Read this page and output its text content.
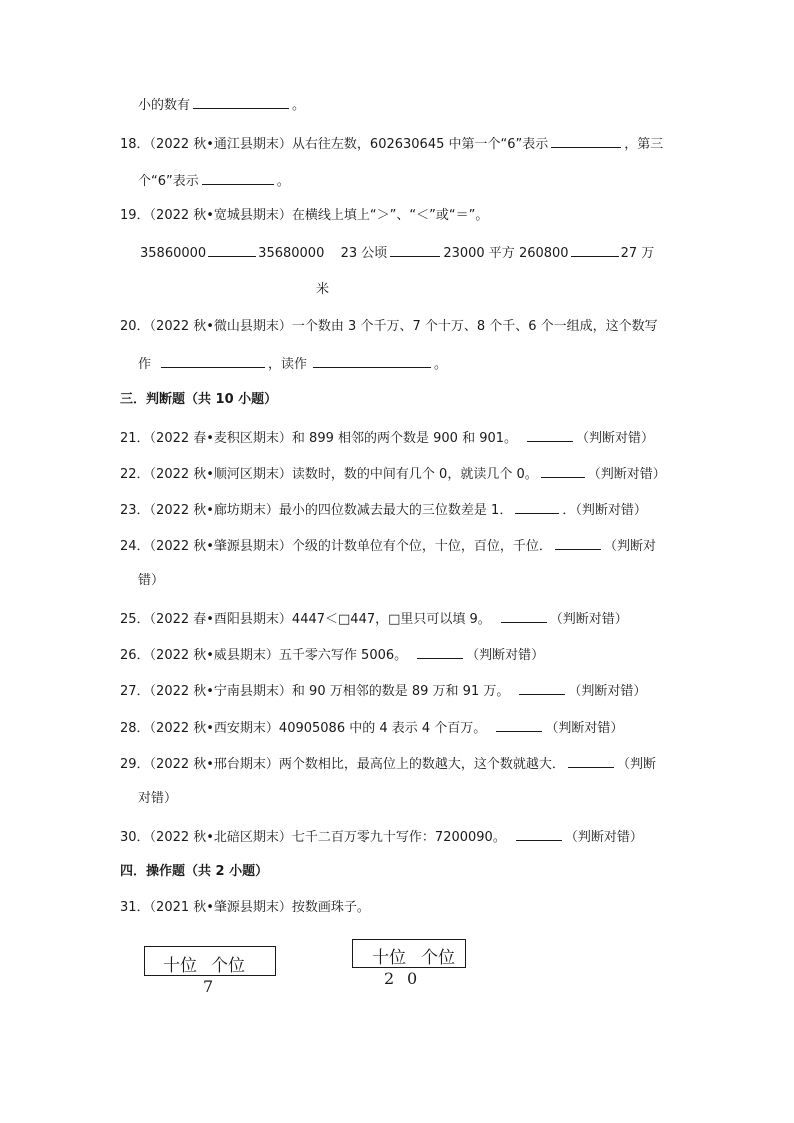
小的数有	。
18．（2022 秋•通江县期末）从右往左数，602630645 中第一个“6”表示	，第三
个“6”表示	。
19．（2022 秋•宽城县期末）在横线上填上“＞”、“＜”或“＝”。
35860000	35680000 23 公顷	23000 平方 260800	27 万
米
20．（2022 秋•微山县期末）一个数由 3 个千万、7 个十万、8 个千、6 个一组成，这个数写
作	，读作	。
三．判断题（共 10 小题）
21．（2022 春•麦积区期末）和 899 相邻的两个数是 900 和 901。	（判断对错）
22．（2022 秋•顺河区期末）读数时，数的中间有几个 0，就读几个 0。	（判断对错）
23．（2022 秋•廊坊期末）最小的四位数减去最大的三位数差是 1．	．（判断对错）
24．（2022 秋•肇源县期末）个级的计数单位有个位，十位，百位，千位．	（判断对
错）
25．（2022 春•酉阳县期末）4447＜□447，□里只可以填 9。	（判断对错）
26．（2022 秋•威县期末）五千零六写作 5006。	（判断对错）
27．（2022 秋•宁南县期末）和 90 万相邻的数是 89 万和 91 万。	（判断对错）
28．（2022 秋•西安期末）40905086 中的 4 表示 4 个百万。	（判断对错）
29．（2022 秋•邢台期末）两个数相比，最高位上的数越大，这个数就越大．	（判断
对错）
30．（2022 秋•北碚区期末）七千二百万零九十写作：7200090。	（判断对错）
四．操作题（共 2 小题）
31．（2021 秋•肇源县期末）按数画珠子。
十位 个位
7
十位 个位
2 0
